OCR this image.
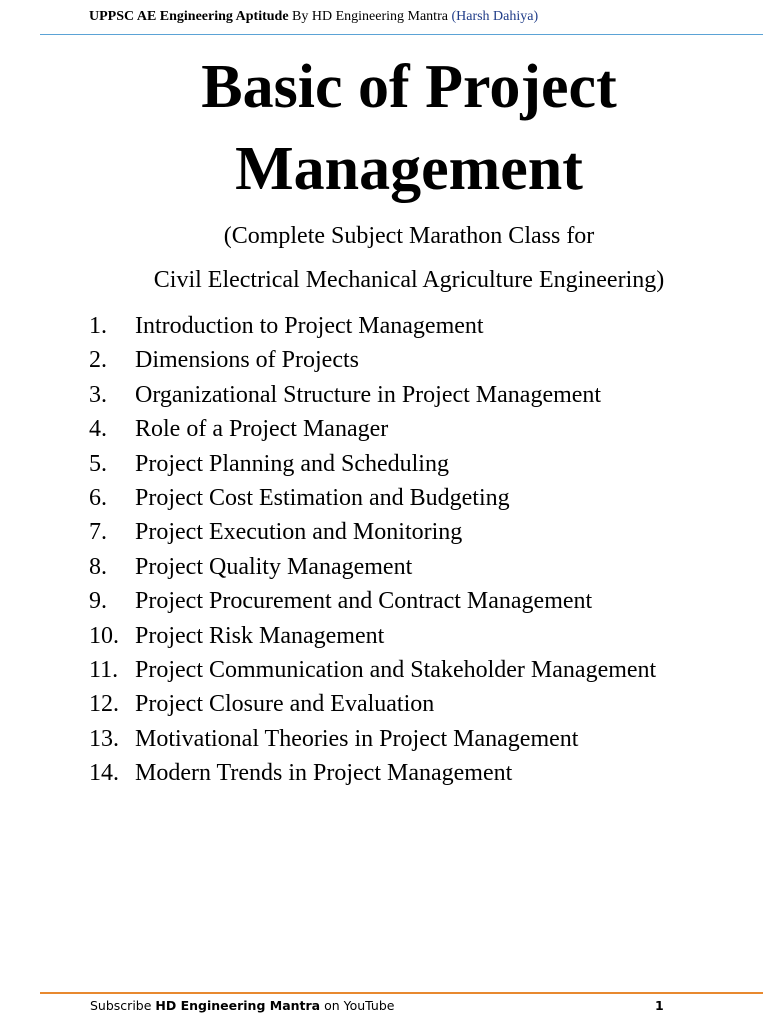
UPPSC AE Engineering Aptitude By HD Engineering Mantra (Harsh Dahiya)
Basic of Project
Management
(Complete Subject Marathon Class for
Civil Electrical Mechanical Agriculture Engineering)
1. Introduction to Project Management
2. Dimensions of Projects
3. Organizational Structure in Project Management
4. Role of a Project Manager
5. Project Planning and Scheduling
6. Project Cost Estimation and Budgeting
7. Project Execution and Monitoring
8. Project Quality Management
9. Project Procurement and Contract Management
10. Project Risk Management
11. Project Communication and Stakeholder Management
12. Project Closure and Evaluation
13. Motivational Theories in Project Management
14. Modern Trends in Project Management
Subscribe HD Engineering Mantra on YouTube	1
